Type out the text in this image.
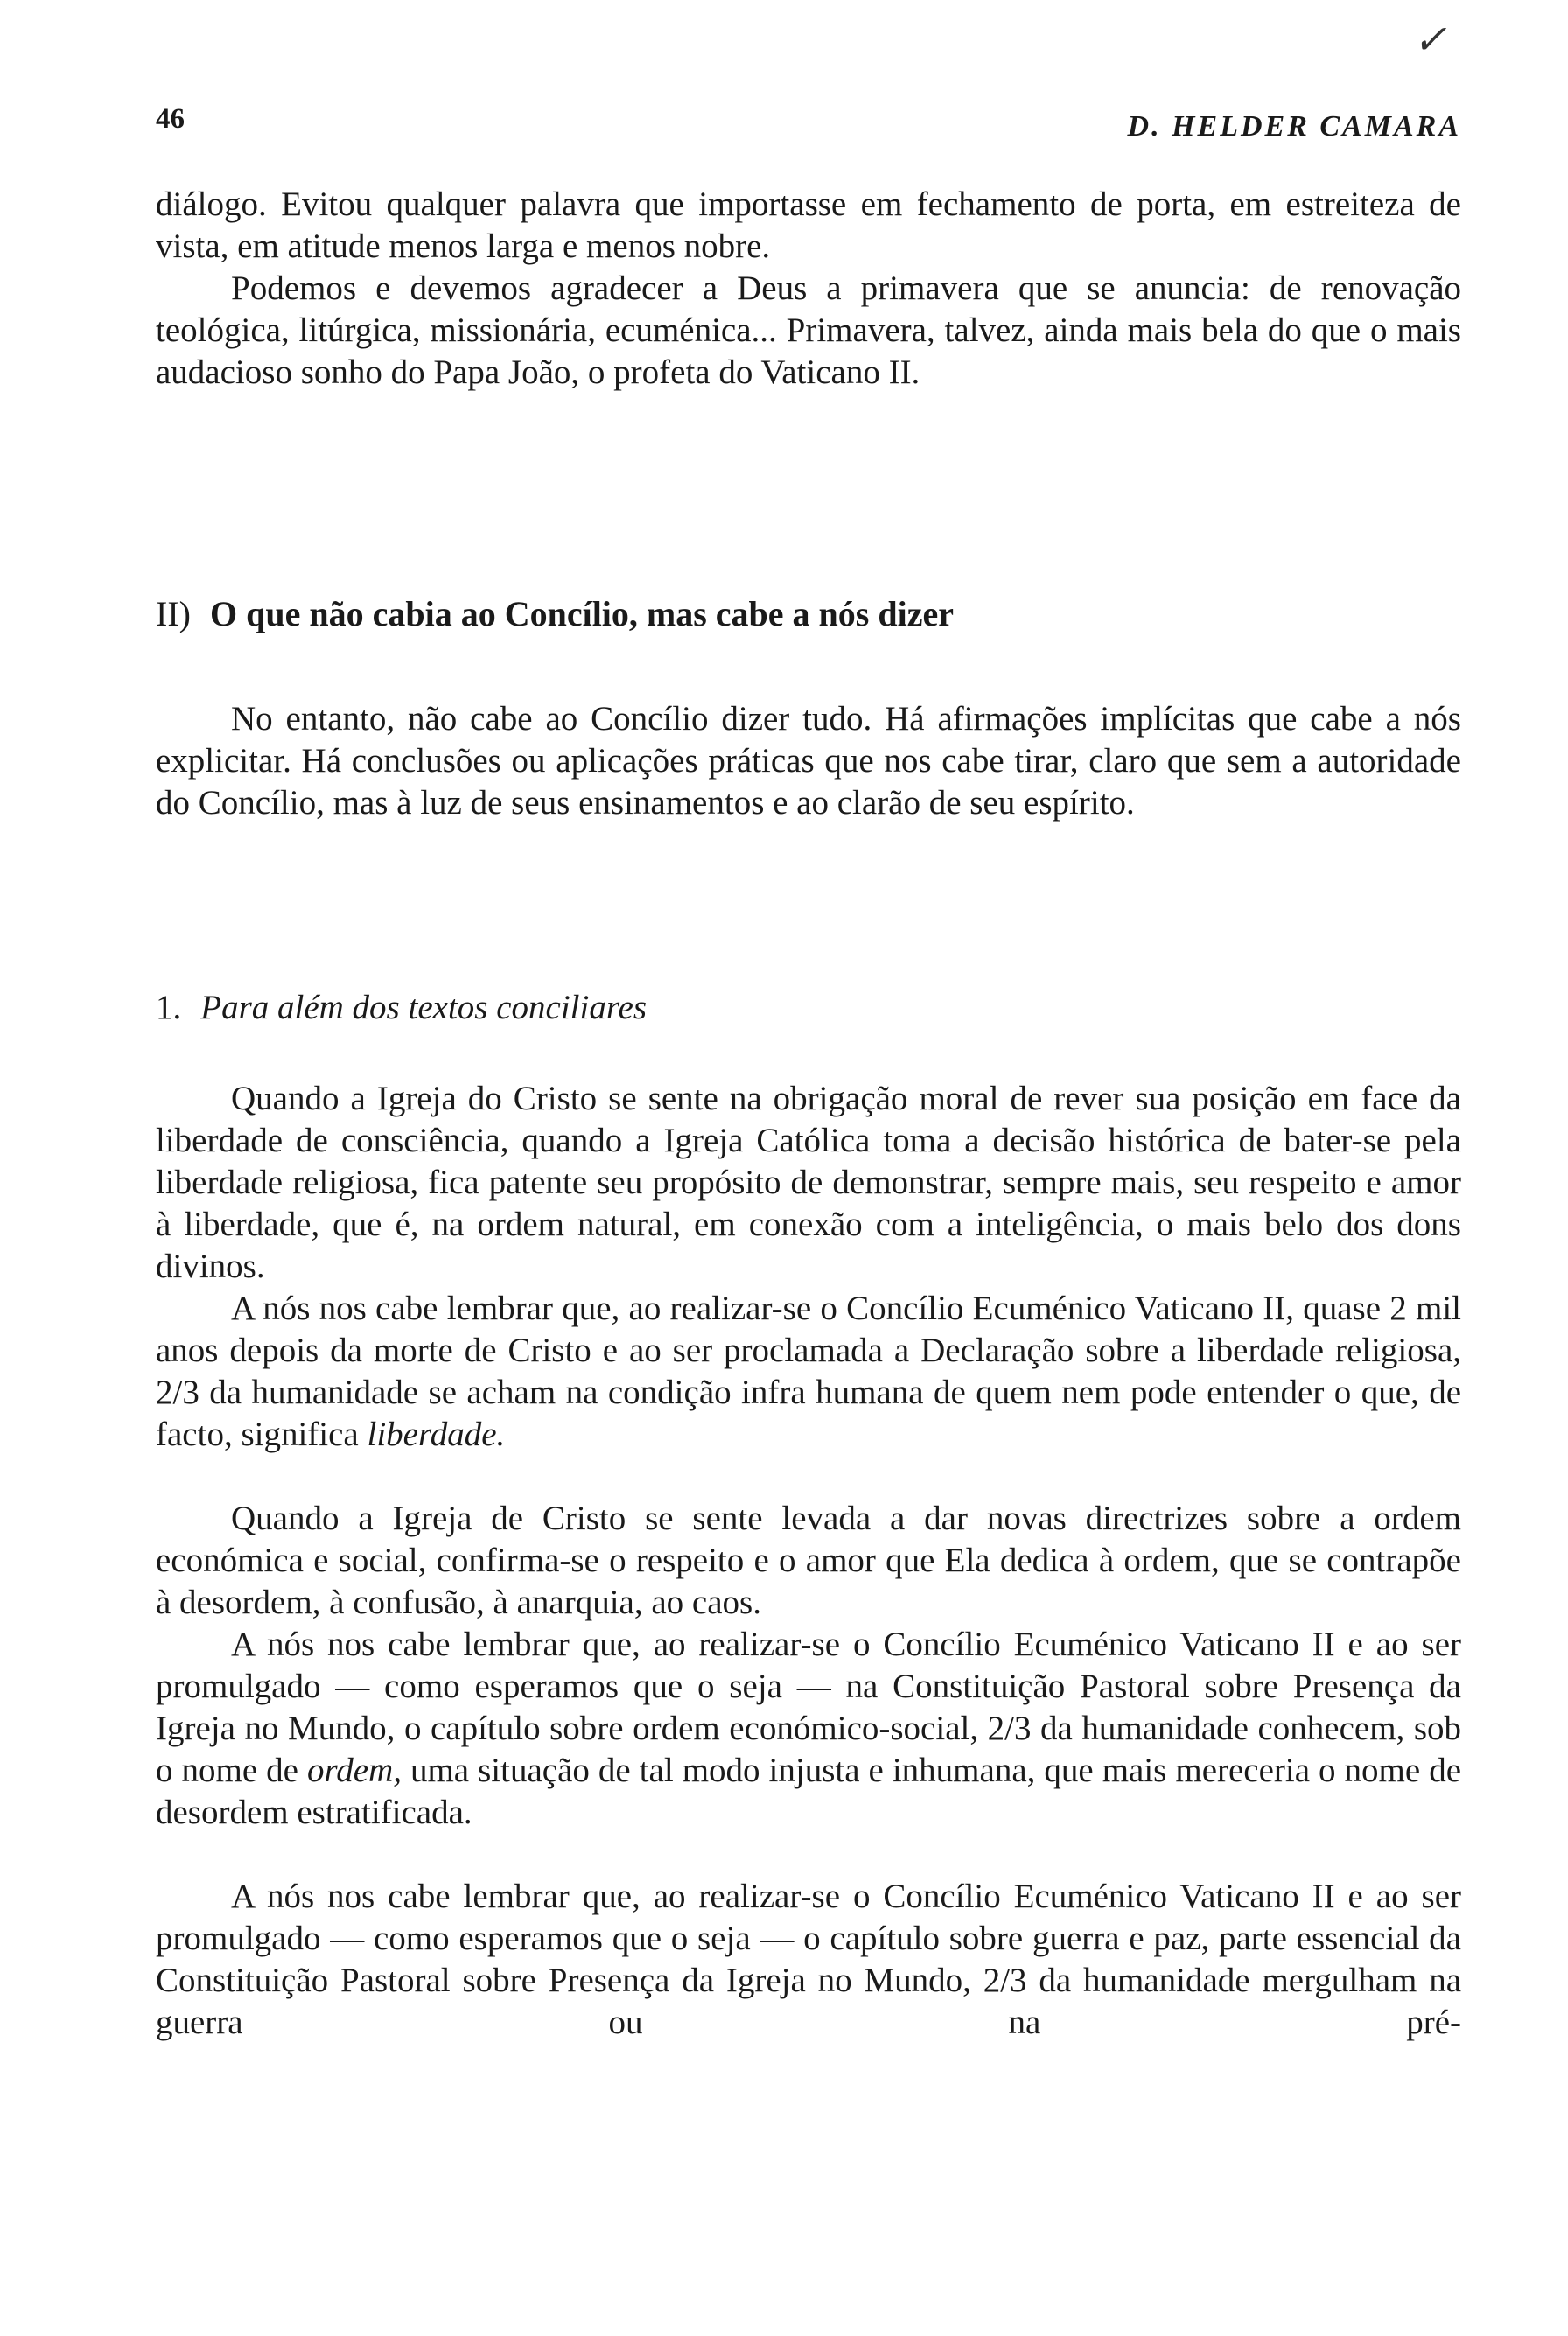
✓
46	D. HELDER CAMARA

diálogo. Evitou qualquer palavra que importasse em fechamento de porta, em estreiteza de vista, em atitude menos larga e menos nobre.

Podemos e devemos agradecer a Deus a primavera que se anuncia: de renovação teológica, litúrgica, missionária, ecuménica... Primavera, talvez, ainda mais bela do que o mais audacioso sonho do Papa João, o profeta do Vaticano II.

II) O que não cabia ao Concílio, mas cabe a nós dizer

No entanto, não cabe ao Concílio dizer tudo. Há afirmações implícitas que cabe a nós explicitar. Há conclusões ou aplicações práticas que nos cabe tirar, claro que sem a autoridade do Concílio, mas à luz de seus ensinamentos e ao clarão de seu espírito.

1. Para além dos textos conciliares

Quando a Igreja do Cristo se sente na obrigação moral de rever sua posição em face da liberdade de consciência, quando a Igreja Católica toma a decisão histórica de bater-se pela liberdade religiosa, fica patente seu propósito de demonstrar, sempre mais, seu respeito e amor à liberdade, que é, na ordem natural, em conexão com a inteligência, o mais belo dos dons divinos.

A nós nos cabe lembrar que, ao realizar-se o Concílio Ecuménico Vaticano II, quase 2 mil anos depois da morte de Cristo e ao ser proclamada a Declaração sobre a liberdade religiosa, 2/3 da humanidade se acham na condição infra humana de quem nem pode entender o que, de facto, significa liberdade.

Quando a Igreja de Cristo se sente levada a dar novas directrizes sobre a ordem económica e social, confirma-se o respeito e o amor que Ela dedica à ordem, que se contrapõe à desordem, à confusão, à anarquia, ao caos.

A nós nos cabe lembrar que, ao realizar-se o Concílio Ecuménico Vaticano II e ao ser promulgado — como esperamos que o seja — na Constituição Pastoral sobre Presença da Igreja no Mundo, o capítulo sobre ordem económico-social, 2/3 da humanidade conhecem, sob o nome de ordem, uma situação de tal modo injusta e inhumana, que mais mereceria o nome de desordem estratificada.

A nós nos cabe lembrar que, ao realizar-se o Concílio Ecuménico Vaticano II e ao ser promulgado — como esperamos que o seja — o capítulo sobre guerra e paz, parte essencial da Constituição Pastoral sobre Presença da Igreja no Mundo, 2/3 da humanidade mergulham na guerra ou na pré-
